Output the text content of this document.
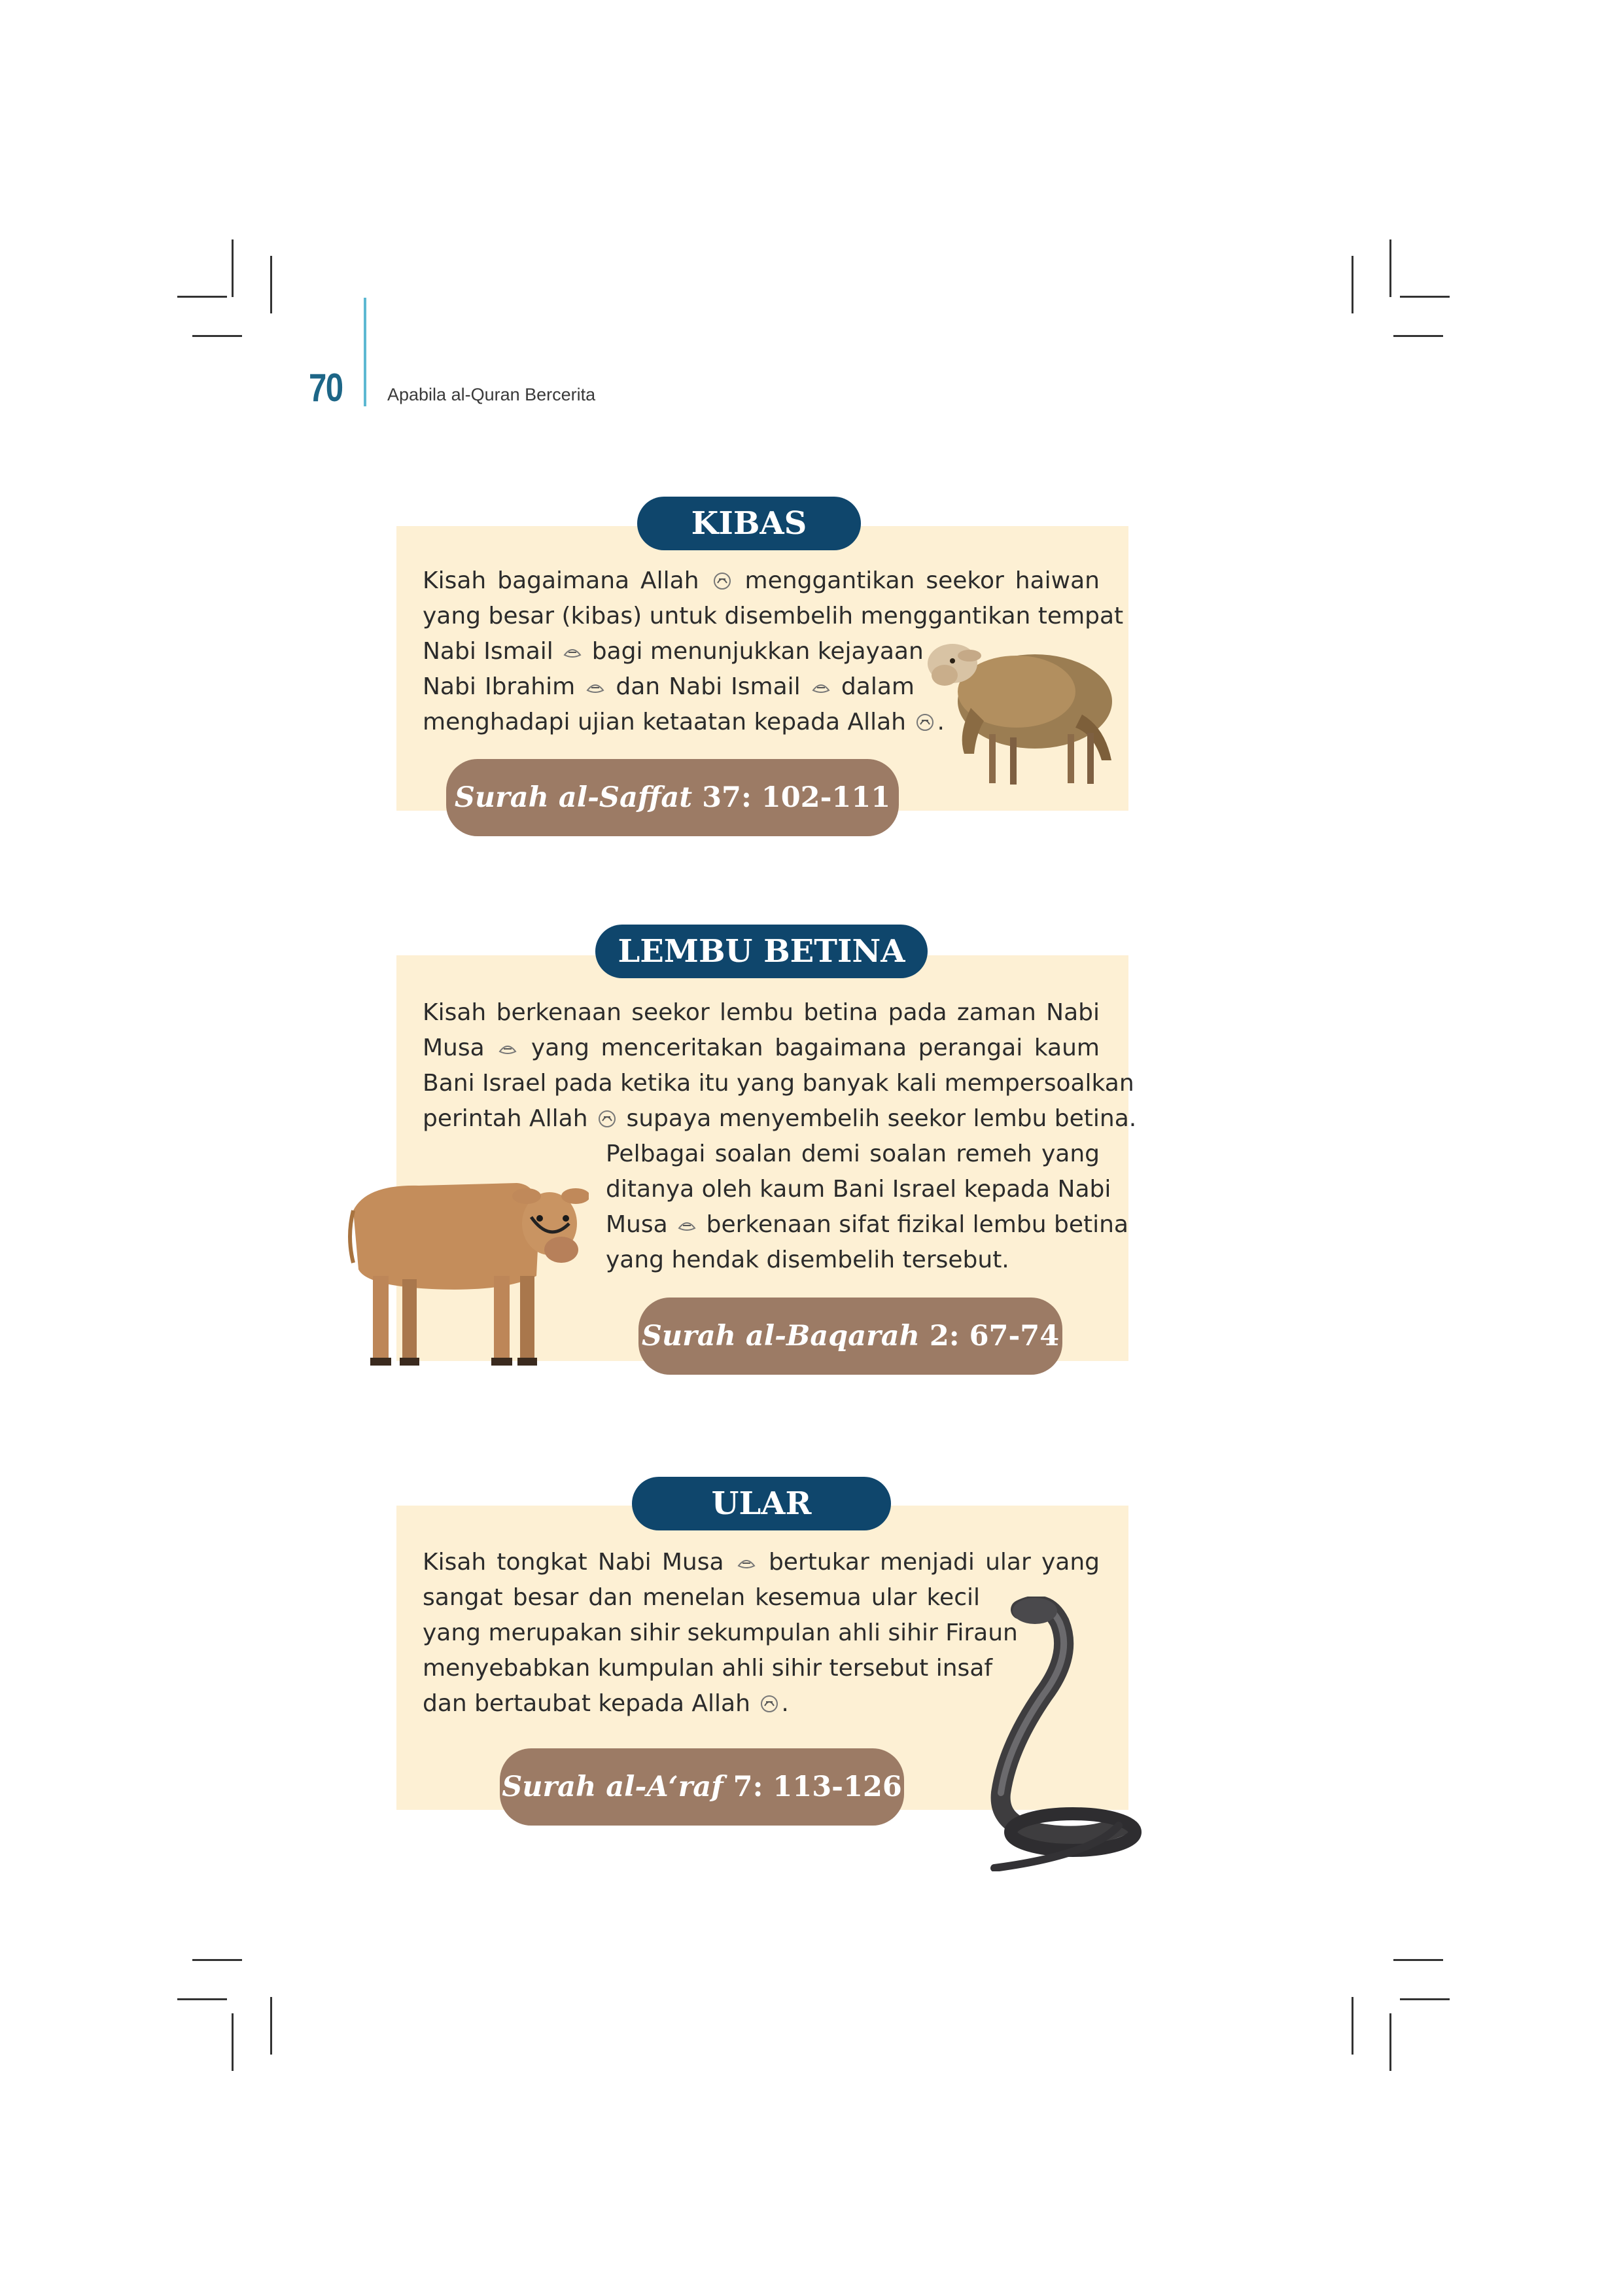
70	Apabila al-Quran Bercerita
KIBAS
Kisah bagaimana Allah  menggantikan seekor haiwan
yang besar (kibas) untuk disembelih menggantikan tempat
Nabi Ismail  bagi menunjukkan kejayaan
Nabi Ibrahim  dan Nabi Ismail  dalam
menghadapi ujian ketaatan kepada Allah .
Surah al-Saffat 37: 102-111
LEMBU BETINA
Kisah berkenaan seekor lembu betina pada zaman Nabi
Musa  yang menceritakan bagaimana perangai kaum
Bani Israel pada ketika itu yang banyak kali mempersoalkan
perintah Allah  supaya menyembelih seekor lembu betina.
Pelbagai soalan demi soalan remeh yang
ditanya oleh kaum Bani Israel kepada Nabi
Musa  berkenaan sifat fizikal lembu betina
yang hendak disembelih tersebut.
Surah al-Baqarah 2: 67-74
ULAR
Kisah tongkat Nabi Musa  bertukar menjadi ular yang
sangat besar dan menelan kesemua ular kecil
yang merupakan sihir sekumpulan ahli sihir Firaun
menyebabkan kumpulan ahli sihir tersebut insaf
dan bertaubat kepada Allah .
Surah al-A‘raf 7: 113-126
